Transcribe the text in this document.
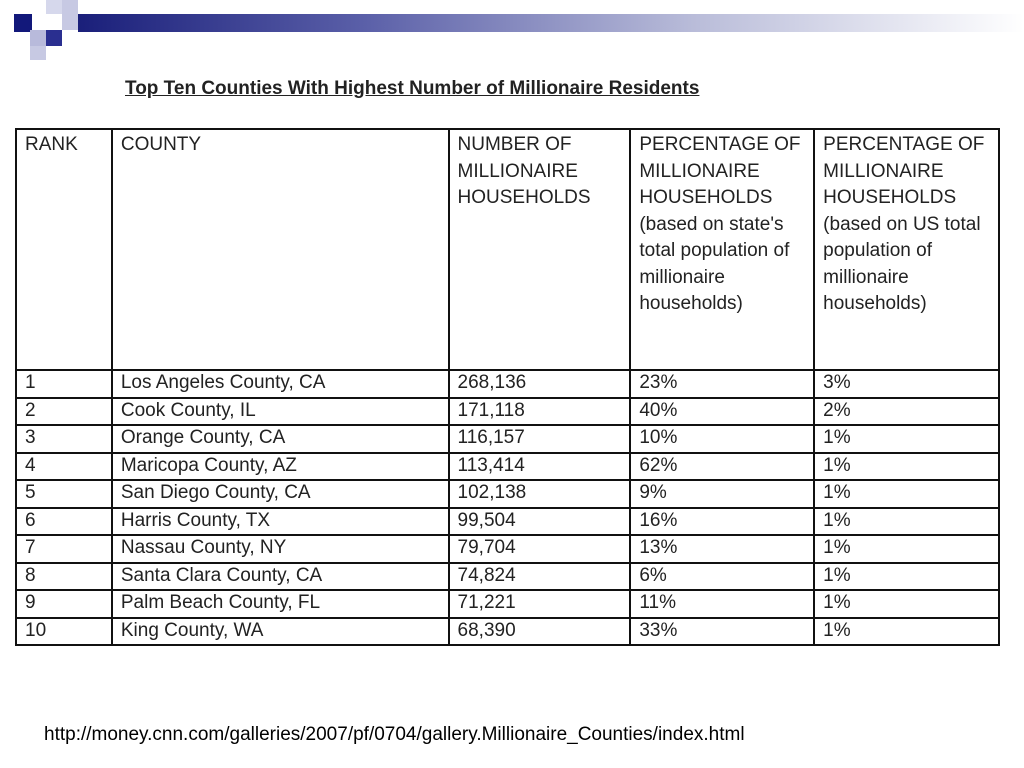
Top Ten Counties With Highest Number of Millionaire Residents
RANK	COUNTY	NUMBER OF MILLIONAIRE HOUSEHOLDS	PERCENTAGE OF MILLIONAIRE HOUSEHOLDS (based on state's total population of millionaire households)	PERCENTAGE OF MILLIONAIRE HOUSEHOLDS (based on US total population of millionaire households)
1	Los Angeles County, CA	268,136	23%	3%
2	Cook County, IL	171,118	40%	2%
3	Orange County, CA	116,157	10%	1%
4	Maricopa County, AZ	113,414	62%	1%
5	San Diego County, CA	102,138	9%	1%
6	Harris County, TX	99,504	16%	1%
7	Nassau County, NY	79,704	13%	1%
8	Santa Clara County, CA	74,824	6%	1%
9	Palm Beach County, FL	71,221	11%	1%
10	King County, WA	68,390	33%	1%
http://money.cnn.com/galleries/2007/pf/0704/gallery.Millionaire_Counties/index.html
